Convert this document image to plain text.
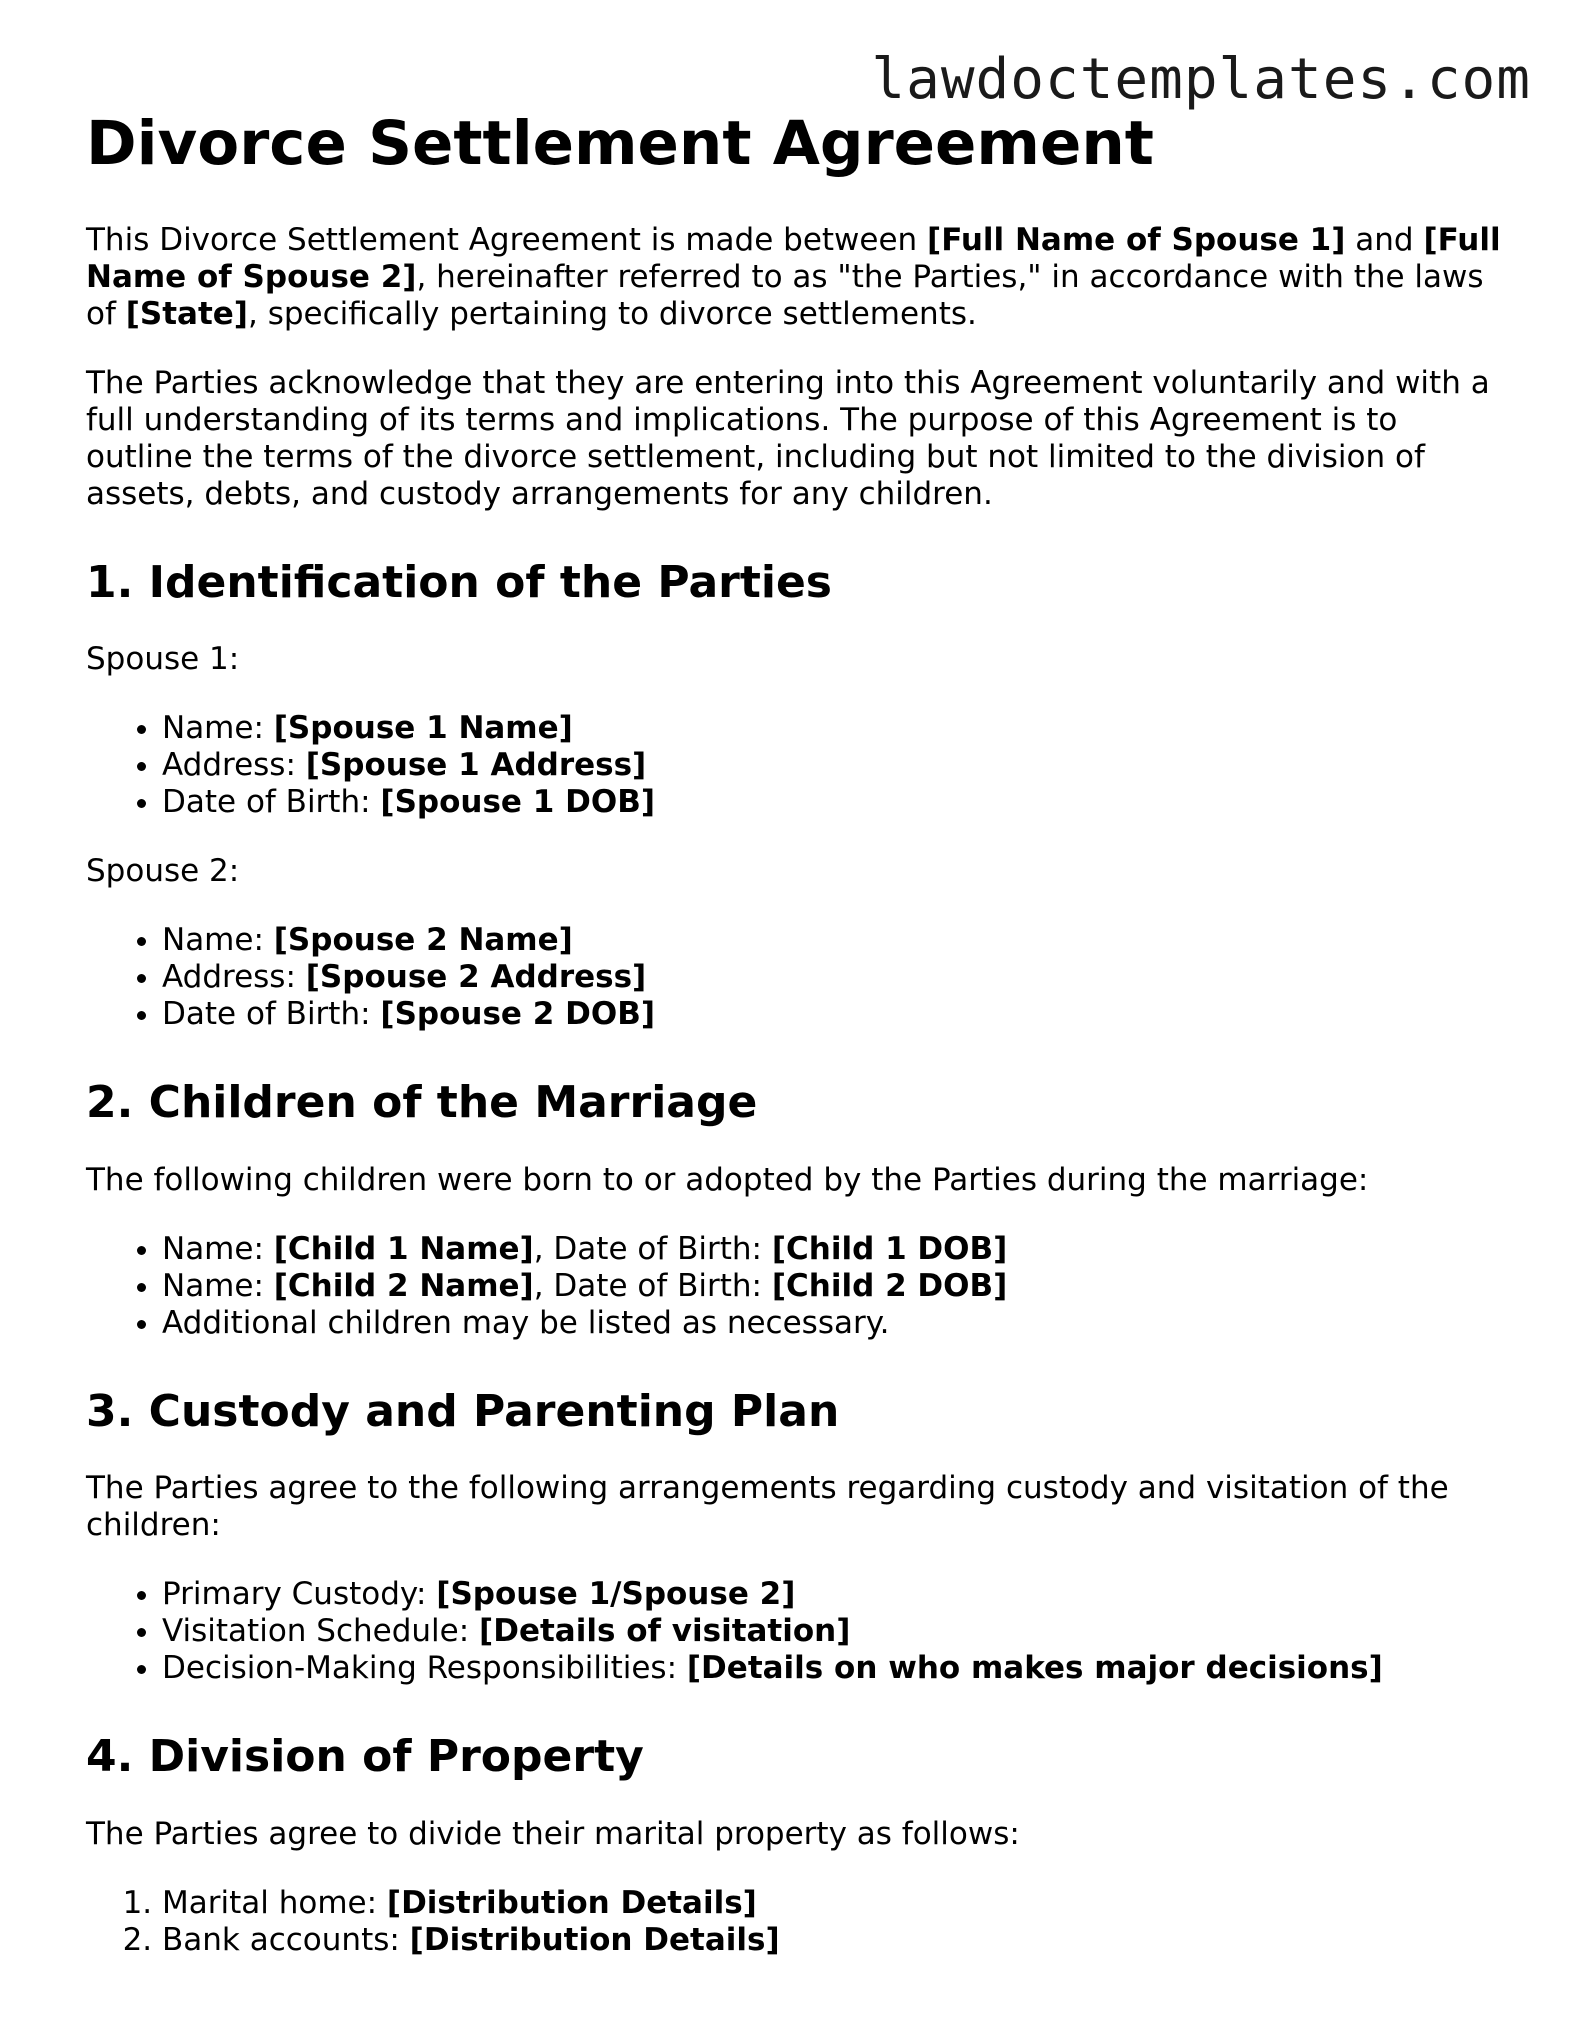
lawdoctemplates.com
Divorce Settlement Agreement

This Divorce Settlement Agreement is made between [Full Name of Spouse 1] and [Full Name of Spouse 2], hereinafter referred to as "the Parties," in accordance with the laws of [State], specifically pertaining to divorce settlements.

The Parties acknowledge that they are entering into this Agreement voluntarily and with a full understanding of its terms and implications. The purpose of this Agreement is to outline the terms of the divorce settlement, including but not limited to the division of assets, debts, and custody arrangements for any children.

1. Identification of the Parties

Spouse 1:

• Name: [Spouse 1 Name]
• Address: [Spouse 1 Address]
• Date of Birth: [Spouse 1 DOB]

Spouse 2:

• Name: [Spouse 2 Name]
• Address: [Spouse 2 Address]
• Date of Birth: [Spouse 2 DOB]
2. Children of the Marriage

The following children were born to or adopted by the Parties during the marriage:

• Name: [Child 1 Name], Date of Birth: [Child 1 DOB]
• Name: [Child 2 Name], Date of Birth: [Child 2 DOB]
• Additional children may be listed as necessary.
3. Custody and Parenting Plan

The Parties agree to the following arrangements regarding custody and visitation of the children:

• Primary Custody: [Spouse 1/Spouse 2]
• Visitation Schedule: [Details of visitation]
• Decision-Making Responsibilities: [Details on who makes major decisions]
4. Division of Property

The Parties agree to divide their marital property as follows:

1. Marital home: [Distribution Details]
2. Bank accounts: [Distribution Details]
